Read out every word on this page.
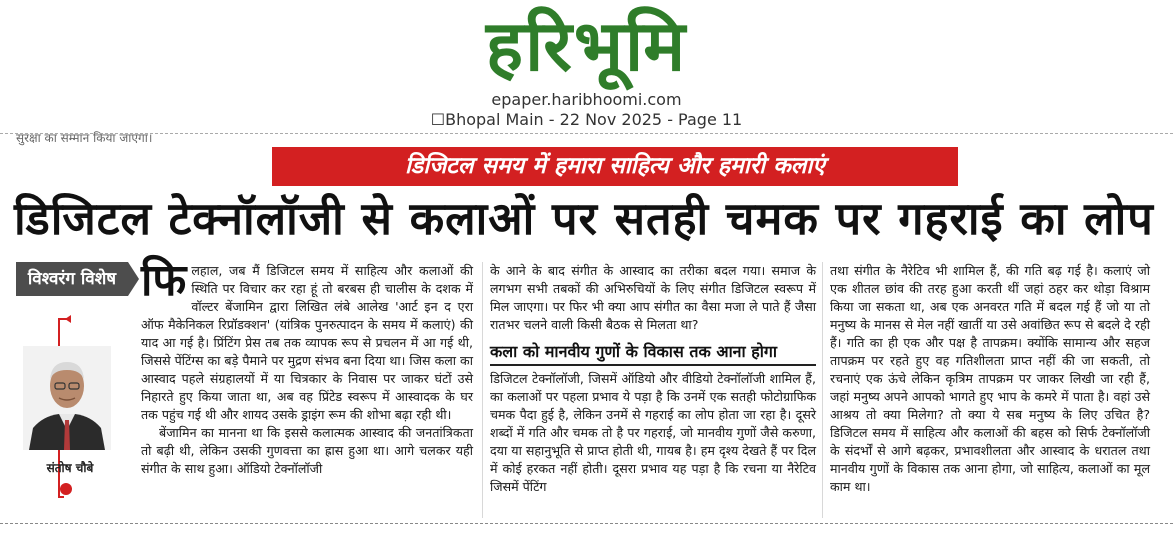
हरिभूमि
epaper.haribhoomi.com
☐Bhopal Main - 22 Nov 2025 - Page 11
सुरक्षा का सम्मान किया जाएगा।
डिजिटल समय में हमारा साहित्य और हमारी कलाएं
डिजिटल टेक्नॉलॉजी से कलाओं पर सतही चमक पर गहराई का लोप
विश्वरंग विशेष
संतोष चौबे

फिलहाल, जब मैं डिजिटल समय में साहित्य और कलाओं की स्थिति पर विचार कर रहा हूं तो बरबस ही चालीस के दशक में वॉल्टर बेंजामिन द्वारा लिखित लंबे आलेख 'आर्ट इन द एरा ऑफ मैकेनिकल रिप्रॉडक्शन' (यांत्रिक पुनरुत्पादन के समय में कलाएं) की याद आ गई है। प्रिंटिंग प्रेस तब तक व्यापक रूप से प्रचलन में आ गई थी, जिससे पेंटिंग्स का बड़े पैमाने पर मुद्रण संभव बना दिया था। जिस कला का आस्वाद पहले संग्रहालयों में या चित्रकार के निवास पर जाकर घंटों उसे निहारते हुए किया जाता था, अब वह प्रिंटेड स्वरूप में आस्वादक के घर तक पहुंच गई थी और शायद उसके ड्राइंग रूम की शोभा बढ़ा रही थी।

बेंजामिन का मानना था कि इससे कलात्मक आस्वाद की जनतांत्रिकता तो बढ़ी थी, लेकिन उसकी गुणवत्ता का ह्रास हुआ था। आगे चलकर यही संगीत के साथ हुआ। ऑडियो टेक्नॉलॉजी

के आने के बाद संगीत के आस्वाद का तरीका बदल गया। समाज के लगभग सभी तबकों की अभिरुचियों के लिए संगीत डिजिटल स्वरूप में मिल जाएगा। पर फिर भी क्या आप संगीत का वैसा मजा ले पाते हैं जैसा रातभर चलने वाली किसी बैठक से मिलता था?

कला को मानवीय गुणों के विकास तक आना होगा

डिजिटल टेक्नॉलॉजी, जिसमें ऑडियो और वीडियो टेक्नॉलॉजी शामिल हैं, का कलाओं पर पहला प्रभाव ये पड़ा है कि उनमें एक सतही फोटोग्राफिक चमक पैदा हुई है, लेकिन उनमें से गहराई का लोप होता जा रहा है। दूसरे शब्दों में गति और चमक तो है पर गहराई, जो मानवीय गुणों जैसे करुणा, दया या सहानुभूति से प्राप्त होती थी, गायब है। हम दृश्य देखते हैं पर दिल में कोई हरकत नहीं होती। दूसरा प्रभाव यह पड़ा है कि रचना या नैरेटिव जिसमें पेंटिंग

तथा संगीत के नैरेटिव भी शामिल हैं, की गति बढ़ गई है। कलाएं जो एक शीतल छांव की तरह हुआ करती थीं जहां ठहर कर थोड़ा विश्राम किया जा सकता था, अब एक अनवरत गति में बदल गई हैं जो या तो मनुष्य के मानस से मेल नहीं खातीं या उसे अवांछित रूप से बदले दे रही हैं। गति का ही एक और पक्ष है तापक्रम। क्योंकि सामान्य और सहज तापक्रम पर रहते हुए वह गतिशीलता प्राप्त नहीं की जा सकती, तो रचनाएं एक ऊंचे लेकिन कृत्रिम तापक्रम पर जाकर लिखी जा रही हैं, जहां मनुष्य अपने आपको भागते हुए भाप के कमरे में पाता है। वहां उसे आश्रय तो क्या मिलेगा? तो क्या ये सब मनुष्य के लिए उचित है? डिजिटल समय में साहित्य और कलाओं की बहस को सिर्फ टेक्नॉलॉजी के संदर्भों से आगे बढ़कर, प्रभावशीलता और आस्वाद के धरातल तथा मानवीय गुणों के विकास तक आना होगा, जो साहित्य, कलाओं का मूल काम था।
